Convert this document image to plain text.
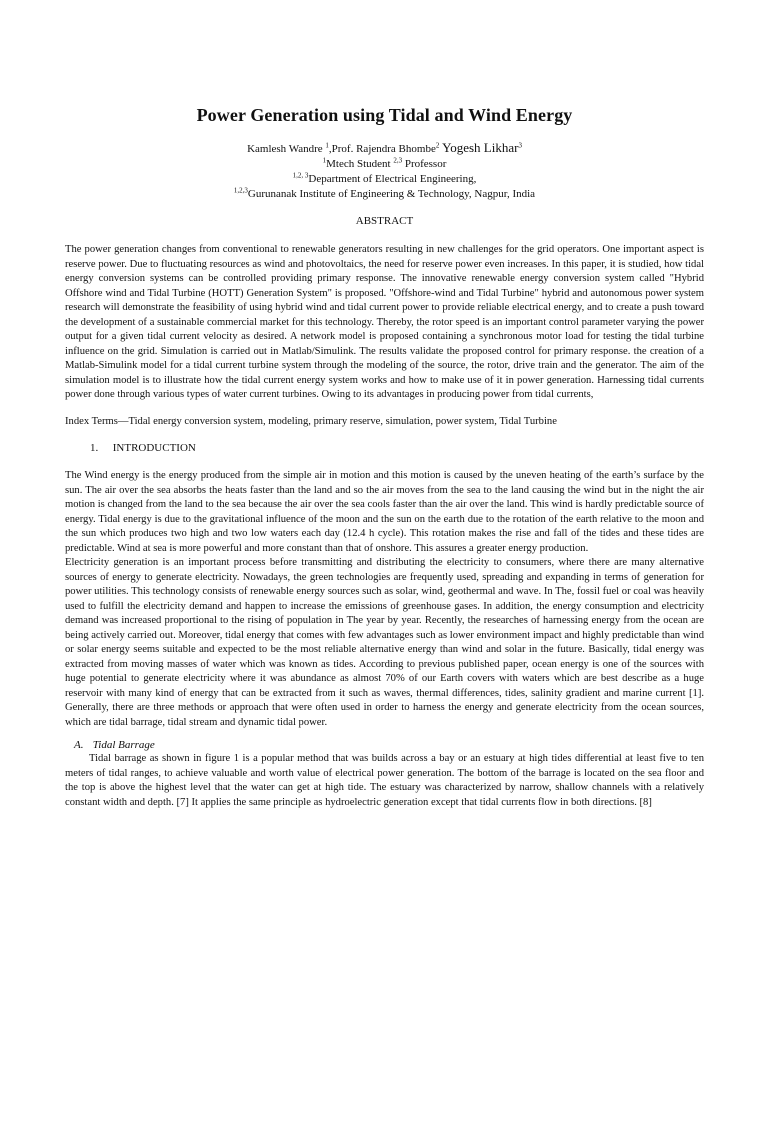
Power Generation using Tidal and Wind Energy
Kamlesh Wandre $^1$,Prof. Rajendra Bhombe$^2$ Yogesh Likhar$^3$
$^1$Mtech Student $^{2,3}$ Professor
$^{1,2, 3}$Department of Electrical Engineering,
$^{1,2,3}$Gurunanak Institute of Engineering & Technology, Nagpur, India
ABSTRACT

The power generation changes from conventional to renewable generators resulting in new challenges for the grid operators. One important aspect is reserve power. Due to fluctuating resources as wind and photovoltaics, the need for reserve power even increases. In this paper, it is studied, how tidal energy conversion systems can be controlled providing primary response. The innovative renewable energy conversion system called "Hybrid Offshore wind and Tidal Turbine (HOTT) Generation System" is proposed. "Offshore-wind and Tidal Turbine" hybrid and autonomous power system research will demonstrate the feasibility of using hybrid wind and tidal current power to provide reliable electrical energy, and to create a push toward the development of a sustainable commercial market for this technology. Thereby, the rotor speed is an important control parameter varying the power output for a given tidal current velocity as desired. A network model is proposed containing a synchronous motor load for testing the tidal turbine influence on the grid. Simulation is carried out in Matlab/Simulink. The results validate the proposed control for primary response. the creation of a Matlab-Simulink model for a tidal current turbine system through the modeling of the source, the rotor, drive train and the generator. The aim of the simulation model is to illustrate how the tidal current energy system works and how to make use of it in power generation. Harnessing tidal currents power done through various types of water current turbines. Owing to its advantages in producing power from tidal currents,

Index Terms—Tidal energy conversion system, modeling, primary reserve, simulation, power system, Tidal Turbine

1. INTRODUCTION

The Wind energy is the energy produced from the simple air in motion and this motion is caused by the uneven heating of the earth’s surface by the sun. The air over the sea absorbs the heats faster than the land and so the air moves from the sea to the land causing the wind but in the night the air motion is changed from the land to the sea because the air over the sea cools faster than the air over the land. This wind is hardly predictable source of energy. Tidal energy is due to the gravitational influence of the moon and the sun on the earth due to the rotation of the earth relative to the moon and the sun which produces two high and two low waters each day (12.4 h cycle). This rotation makes the rise and fall of the tides and these tides are predictable. Wind at sea is more powerful and more constant than that of onshore. This assures a greater energy production.

Electricity generation is an important process before transmitting and distributing the electricity to consumers, where there are many alternative sources of energy to generate electricity. Nowadays, the green technologies are frequently used, spreading and expanding in terms of generation for power utilities. This technology consists of renewable energy sources such as solar, wind, geothermal and wave. In The, fossil fuel or coal was heavily used to fulfill the electricity demand and happen to increase the emissions of greenhouse gases. In addition, the energy consumption and electricity demand was increased proportional to the rising of population in The year by year. Recently, the researches of harnessing energy from the ocean are being actively carried out. Moreover, tidal energy that comes with few advantages such as lower environment impact and highly predictable than wind or solar energy seems suitable and expected to be the most reliable alternative energy than wind and solar in the future. Basically, tidal energy was extracted from moving masses of water which was known as tides. According to previous published paper, ocean energy is one of the sources with huge potential to generate electricity where it was abundance as almost 70% of our Earth covers with waters which are best describe as a huge reservoir with many kind of energy that can be extracted from it such as waves, thermal differences, tides, salinity gradient and marine current [1]. Generally, there are three methods or approach that were often used in order to harness the energy and generate electricity from the ocean sources, which are tidal barrage, tidal stream and dynamic tidal power.

A. Tidal Barrage

Tidal barrage as shown in figure 1 is a popular method that was builds across a bay or an estuary at high tides differential at least five to ten meters of tidal ranges, to achieve valuable and worth value of electrical power generation. The bottom of the barrage is located on the sea floor and the top is above the highest level that the water can get at high tide. The estuary was characterized by narrow, shallow channels with a relatively constant width and depth. [7] It applies the same principle as hydroelectric generation except that tidal currents flow in both directions. [8]
